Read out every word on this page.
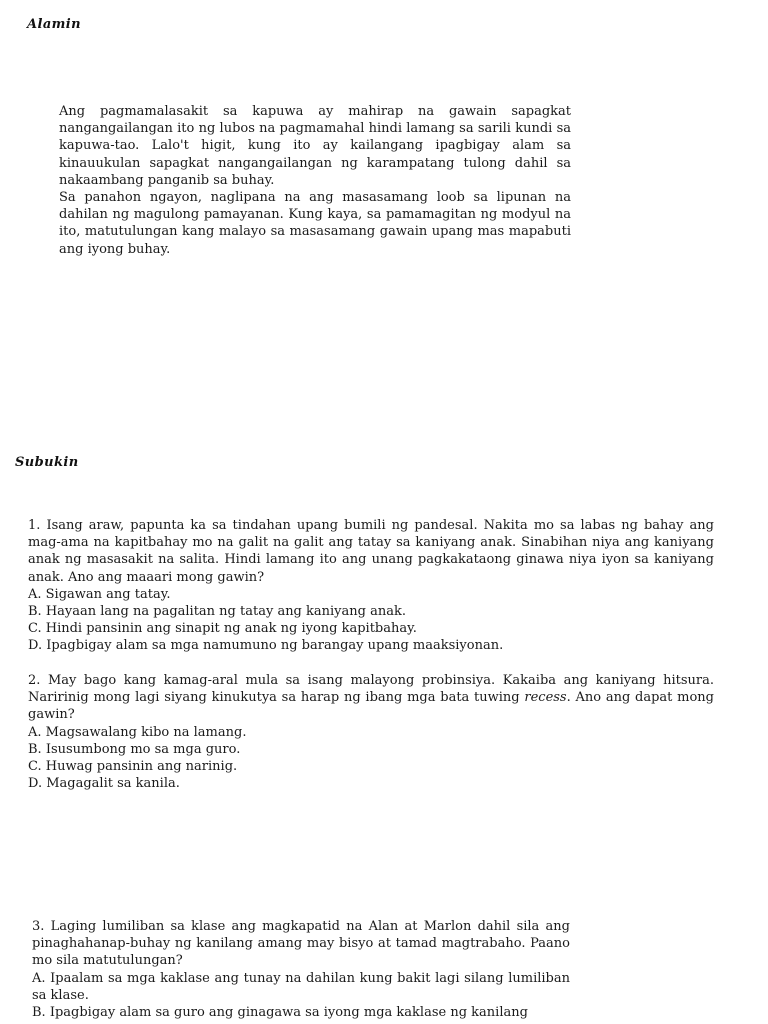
Alamin

Ang pagmamalasakit sa kapuwa ay mahirap na gawain sapagkat nangangailangan ito ng lubos na pagmamahal hindi lamang sa sarili kundi sa kapuwa-tao. Lalo't higit, kung ito ay kailangang ipagbigay alam sa kinauukulan sapagkat nangangailangan ng karampatang tulong dahil sa nakaambang panganib sa buhay.

Sa panahon ngayon, naglipana na ang masasamang loob sa lipunan na dahilan ng magulong pamayanan. Kung kaya, sa pamamagitan ng modyul na ito, matutulungan kang malayo sa masasamang gawain upang mas mapabuti ang iyong buhay.

Subukin

1. Isang araw, papunta ka sa tindahan upang bumili ng pandesal. Nakita mo sa labas ng bahay ang mag-ama na kapitbahay mo na galit na galit ang tatay sa kaniyang anak. Sinabihan niya ang kaniyang anak ng masasakit na salita. Hindi lamang ito ang unang pagkakataong ginawa niya iyon sa kaniyang anak. Ano ang maaari mong gawin?

A. Sigawan ang tatay.
B. Hayaan lang na pagalitan ng tatay ang kaniyang anak.
C. Hindi pansinin ang sinapit ng anak ng iyong kapitbahay.
D. Ipagbigay alam sa mga namumuno ng barangay upang maaksiyonan.

2. May bago kang kamag-aral mula sa isang malayong probinsiya. Kakaiba ang kaniyang hitsura. Naririnig mong lagi siyang kinukutya sa harap ng ibang mga bata tuwing recess. Ano ang dapat mong gawin?

A. Magsawalang kibo na lamang.
B. Isusumbong mo sa mga guro.
C. Huwag pansinin ang narinig.
D. Magagalit sa kanila.

3. Laging lumiliban sa klase ang magkapatid na Alan at Marlon dahil sila ang pinaghahanap-buhay ng kanilang amang may bisyo at tamad magtrabaho. Paano mo sila matutulungan?

A. Ipaalam sa mga kaklase ang tunay na dahilan kung bakit lagi silang lumiliban sa klase.

B. Ipagbigay alam sa guro ang ginagawa sa iyong mga kaklase ng kanilang
